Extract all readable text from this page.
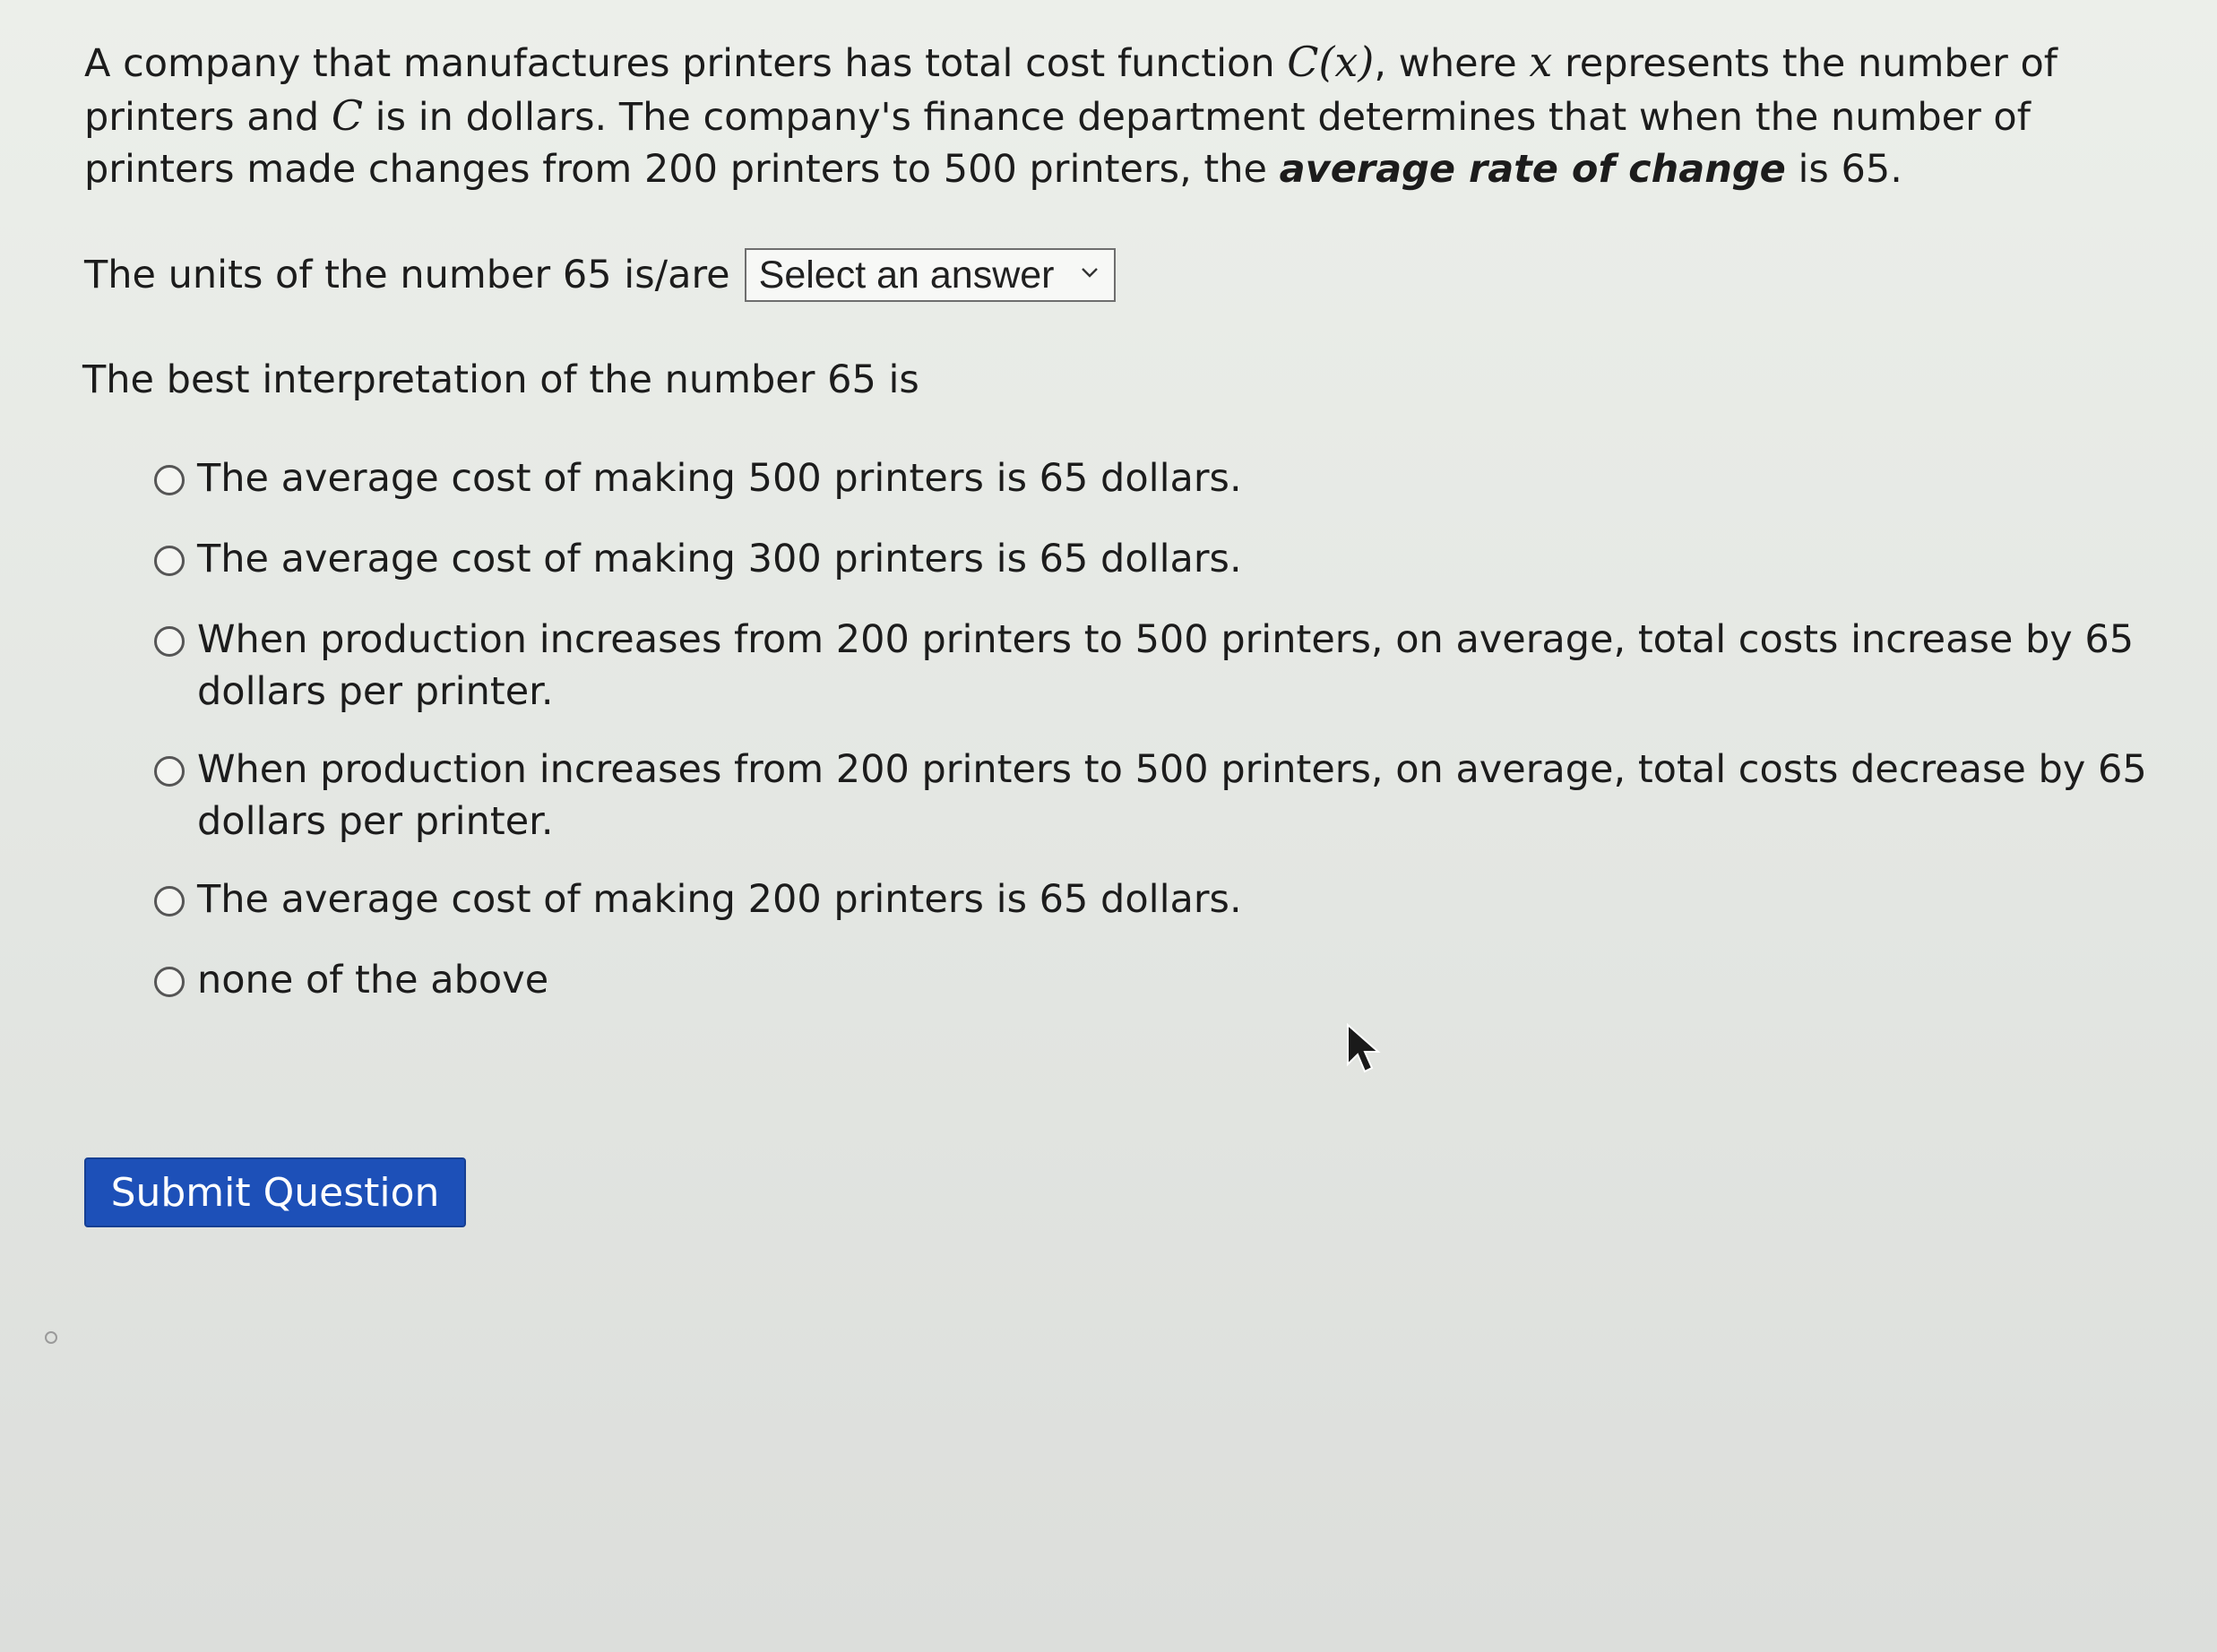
A company that manufactures printers has total cost function C(x), where x represents the number of printers and C is in dollars. The company's finance department determines that when the number of printers made changes from 200 printers to 500 printers, the average rate of change is 65.

The units of the number 65 is/are Select an answer
The best interpretation of the number 65 is
The average cost of making 500 printers is 65 dollars.
The average cost of making 300 printers is 65 dollars.
When production increases from 200 printers to 500 printers, on average, total costs increase by 65 dollars per printer.
When production increases from 200 printers to 500 printers, on average, total costs decrease by 65 dollars per printer.
The average cost of making 200 printers is 65 dollars.
none of the above
Submit Question
